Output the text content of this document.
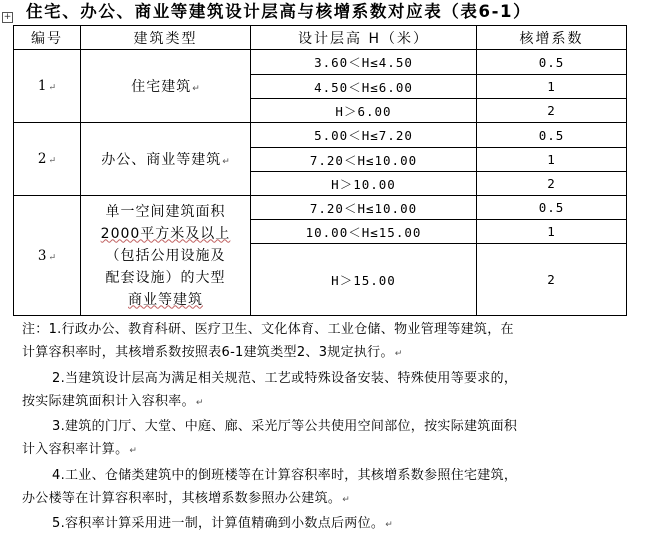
+ 住宅、办公、商业等建筑设计层高与核增系数对应表（表6-1）
编号	建筑类型	设计层高 H（米）	核增系数
1↵	住宅建筑↵	3.60＜H≤4.50	0.5
		4.50＜H≤6.00	1
		H＞6.00	2
2↵	办公、商业等建筑↵	5.00＜H≤7.20	0.5
		7.20＜H≤10.00	1
		H＞10.00	2
3↵	单一空间建筑面积
2000平方米及以上
（包括公用设施及
配套设施）的大型
商业等建筑	7.20＜H≤10.00	0.5
		10.00＜H≤15.00	1
		H＞15.00	2

注：1.行政办公、教育科研、医疗卫生、文化体育、工业仓储、物业管理等建筑，在

计算容积率时，其核增系数按照表6-1建筑类型2、3规定执行。↵

2.当建筑设计层高为满足相关规范、工艺或特殊设备安装、特殊使用等要求的，

按实际建筑面积计入容积率。↵

3.建筑的门厅、大堂、中庭、廊、采光厅等公共使用空间部位，按实际建筑面积

计入容积率计算。↵

4.工业、仓储类建筑中的倒班楼等在计算容积率时，其核增系数参照住宅建筑，

办公楼等在计算容积率时，其核增系数参照办公建筑。↵

5.容积率计算采用进一制，计算值精确到小数点后两位。↵
